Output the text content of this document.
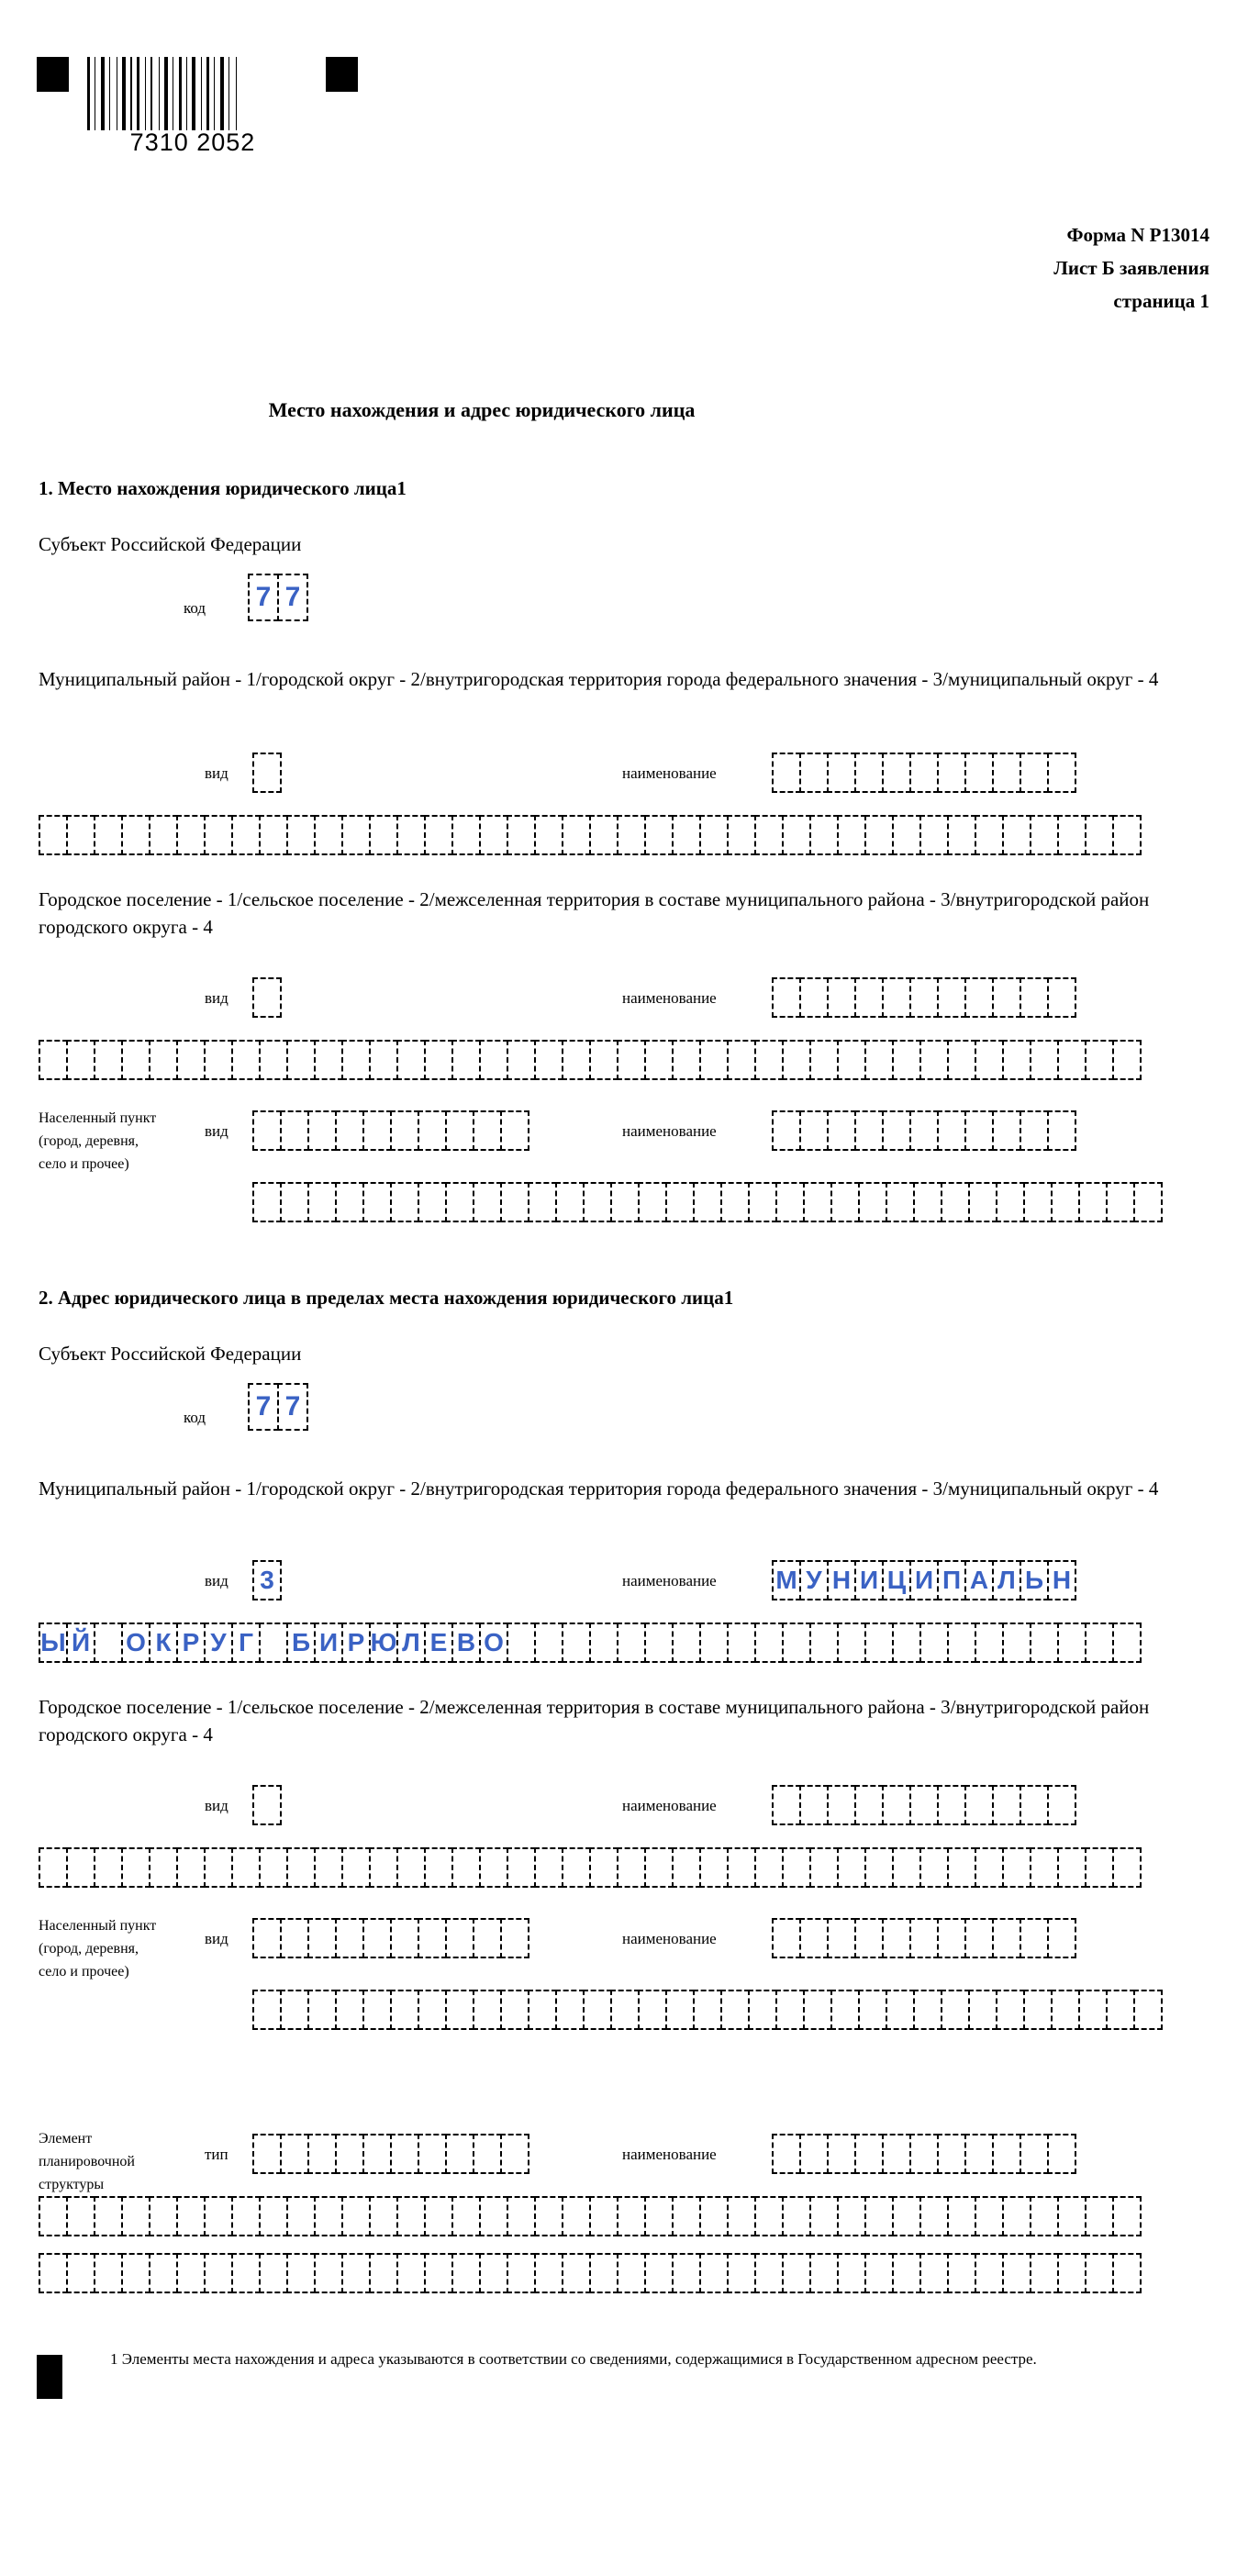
7310 2052
Форма N Р13014
Лист Б заявления
страница 1
Место нахождения и адрес юридического лица
1. Место нахождения юридического лица1
Субъект Российской Федерации
код 7 7
Муниципальный район - 1/городской округ - 2/внутригородская территория города федерального значения - 3/муниципальный округ - 4
вид	наименование
Городское поселение - 1/сельское поселение - 2/межселенная территория в составе муниципального района - 3/внутригородской район городского округа - 4
вид	наименование
Населенный пункт (город, деревня, село и прочее)
вид	наименование
2. Адрес юридического лица в пределах места нахождения юридического лица1
Субъект Российской Федерации
код 7 7
Муниципальный район - 1/городской округ - 2/внутригородская территория города федерального значения - 3/муниципальный округ - 4
вид 3	наименование М У Н И Ц И П А Л Ь Н
Ы Й О К Р У Г Б И Р Ю Л Е В О
Городское поселение - 1/сельское поселение - 2/межселенная территория в составе муниципального района - 3/внутригородской район городского округа - 4
вид	наименование
Населенный пункт (город, деревня, село и прочее)
вид	наименование
Элемент планировочной структуры
тип	наименование
1 Элементы места нахождения и адреса указываются в соответствии со сведениями, содержащимися в Государственном адресном реестре.
